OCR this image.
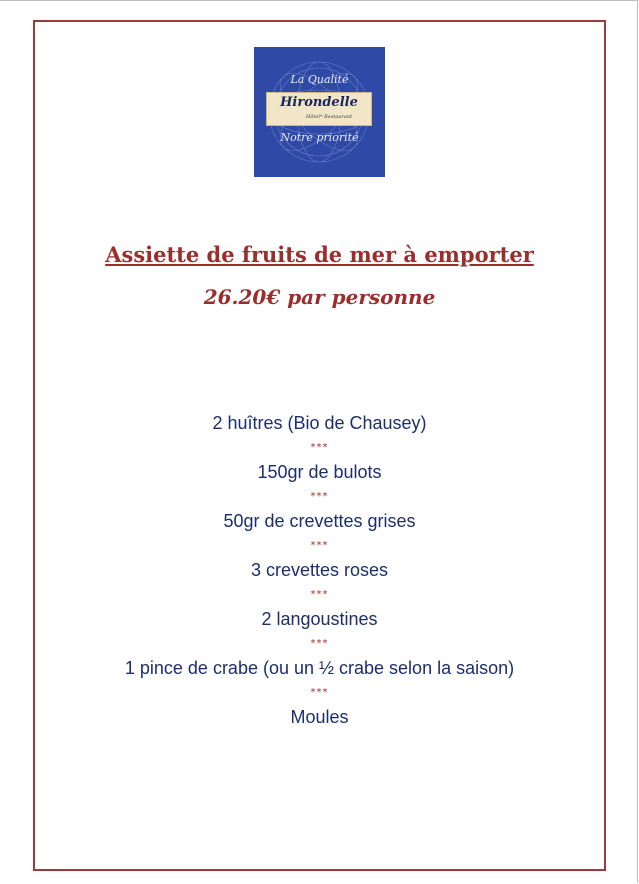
La Qualité
Hirondelle
Hôtel* Restaurant
Notre priorité
Assiette de fruits de mer à emporter
26.20€ par personne
2 huîtres (Bio de Chausey)
***
150gr de bulots
***
50gr de crevettes grises
***
3 crevettes roses
***
2 langoustines
***
1 pince de crabe (ou un ½ crabe selon la saison)
***
Moules
